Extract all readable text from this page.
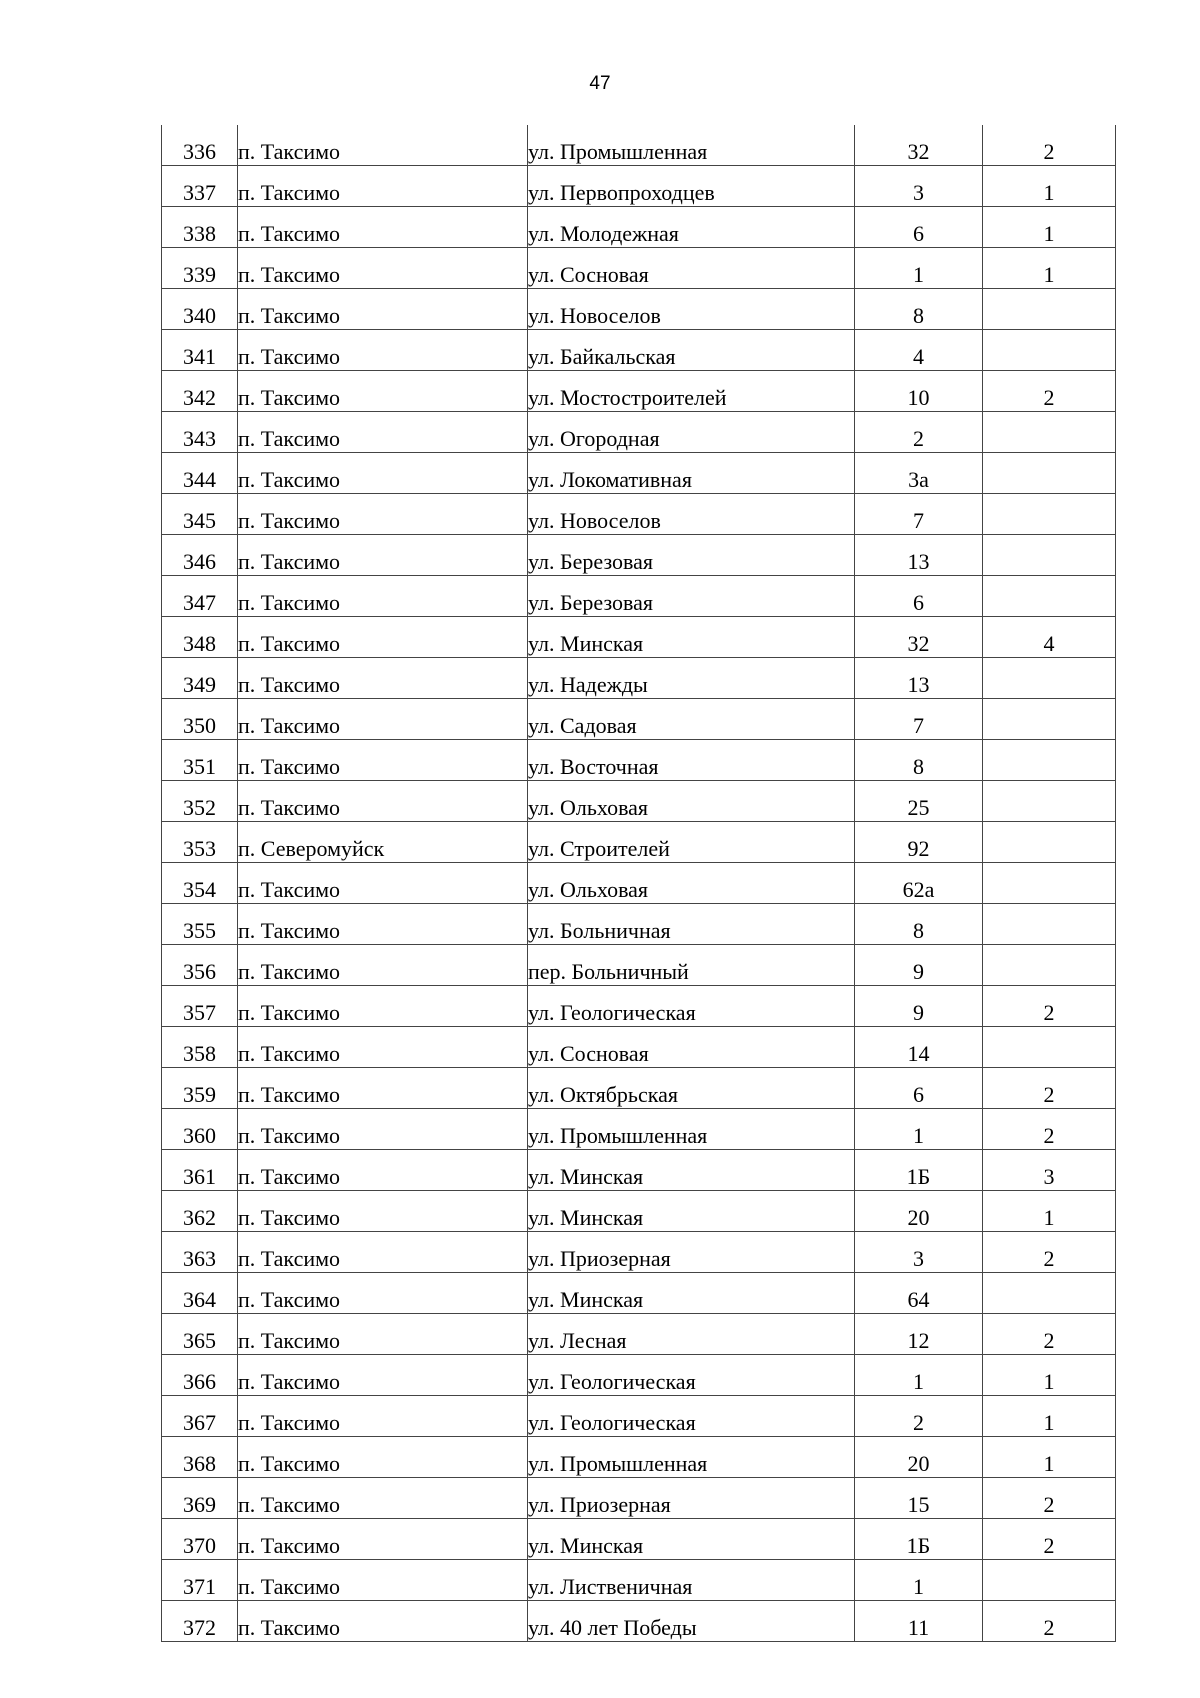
47
336	п. Таксимо	ул. Промышленная	32	2
337	п. Таксимо	ул. Первопроходцев	3	1
338	п. Таксимо	ул. Молодежная	6	1
339	п. Таксимо	ул. Сосновая	1	1
340	п. Таксимо	ул. Новоселов	8	
341	п. Таксимо	ул. Байкальская	4	
342	п. Таксимо	ул. Мостостроителей	10	2
343	п. Таксимо	ул. Огородная	2	
344	п. Таксимо	ул. Локомативная	3а	
345	п. Таксимо	ул. Новоселов	7	
346	п. Таксимо	ул. Березовая	13	
347	п. Таксимо	ул. Березовая	6	
348	п. Таксимо	ул. Минская	32	4
349	п. Таксимо	ул. Надежды	13	
350	п. Таксимо	ул. Садовая	7	
351	п. Таксимо	ул. Восточная	8	
352	п. Таксимо	ул. Ольховая	25	
353	п. Северомуйск	ул. Строителей	92	
354	п. Таксимо	ул. Ольховая	62а	
355	п. Таксимо	ул. Больничная	8	
356	п. Таксимо	пер. Больничный	9	
357	п. Таксимо	ул. Геологическая	9	2
358	п. Таксимо	ул. Сосновая	14	
359	п. Таксимо	ул. Октябрьская	6	2
360	п. Таксимо	ул. Промышленная	1	2
361	п. Таксимо	ул. Минская	1Б	3
362	п. Таксимо	ул. Минская	20	1
363	п. Таксимо	ул. Приозерная	3	2
364	п. Таксимо	ул. Минская	64	
365	п. Таксимо	ул. Лесная	12	2
366	п. Таксимо	ул. Геологическая	1	1
367	п. Таксимо	ул. Геологическая	2	1
368	п. Таксимо	ул. Промышленная	20	1
369	п. Таксимо	ул. Приозерная	15	2
370	п. Таксимо	ул. Минская	1Б	2
371	п. Таксимо	ул. Лиственичная	1	
372	п. Таксимо	ул. 40 лет Победы	11	2
